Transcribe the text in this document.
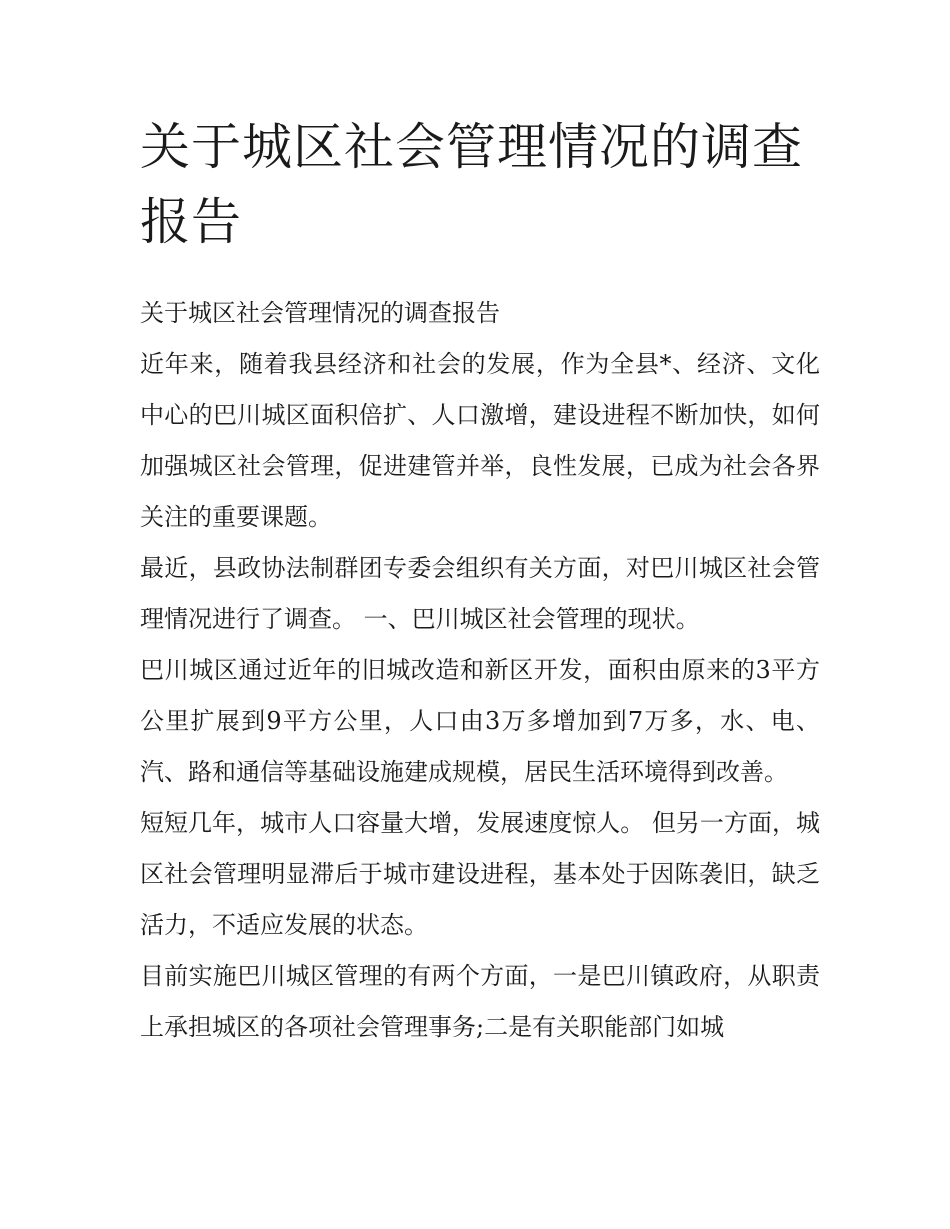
关于城区社会管理情况的调查报告

关于城区社会管理情况的调查报告

近年来，随着我县经济和社会的发展，作为全县*、经济、文化中心的巴川城区面积倍扩、人口激增，建设进程不断加快，如何加强城区社会管理，促进建管并举，良性发展，已成为社会各界关注的重要课题。

最近，县政协法制群团专委会组织有关方面，对巴川城区社会管理情况进行了调查。 一、巴川城区社会管理的现状。

巴川城区通过近年的旧城改造和新区开发，面积由原来的3平方公里扩展到9平方公里，人口由3万多增加到7万多，水、电、汽、路和通信等基础设施建成规模，居民生活环境得到改善。

短短几年，城市人口容量大增，发展速度惊人。 但另一方面，城区社会管理明显滞后于城市建设进程，基本处于因陈袭旧，缺乏活力，不适应发展的状态。

目前实施巴川城区管理的有两个方面，一是巴川镇政府，从职责上承担城区的各项社会管理事务;二是有关职能部门如城
